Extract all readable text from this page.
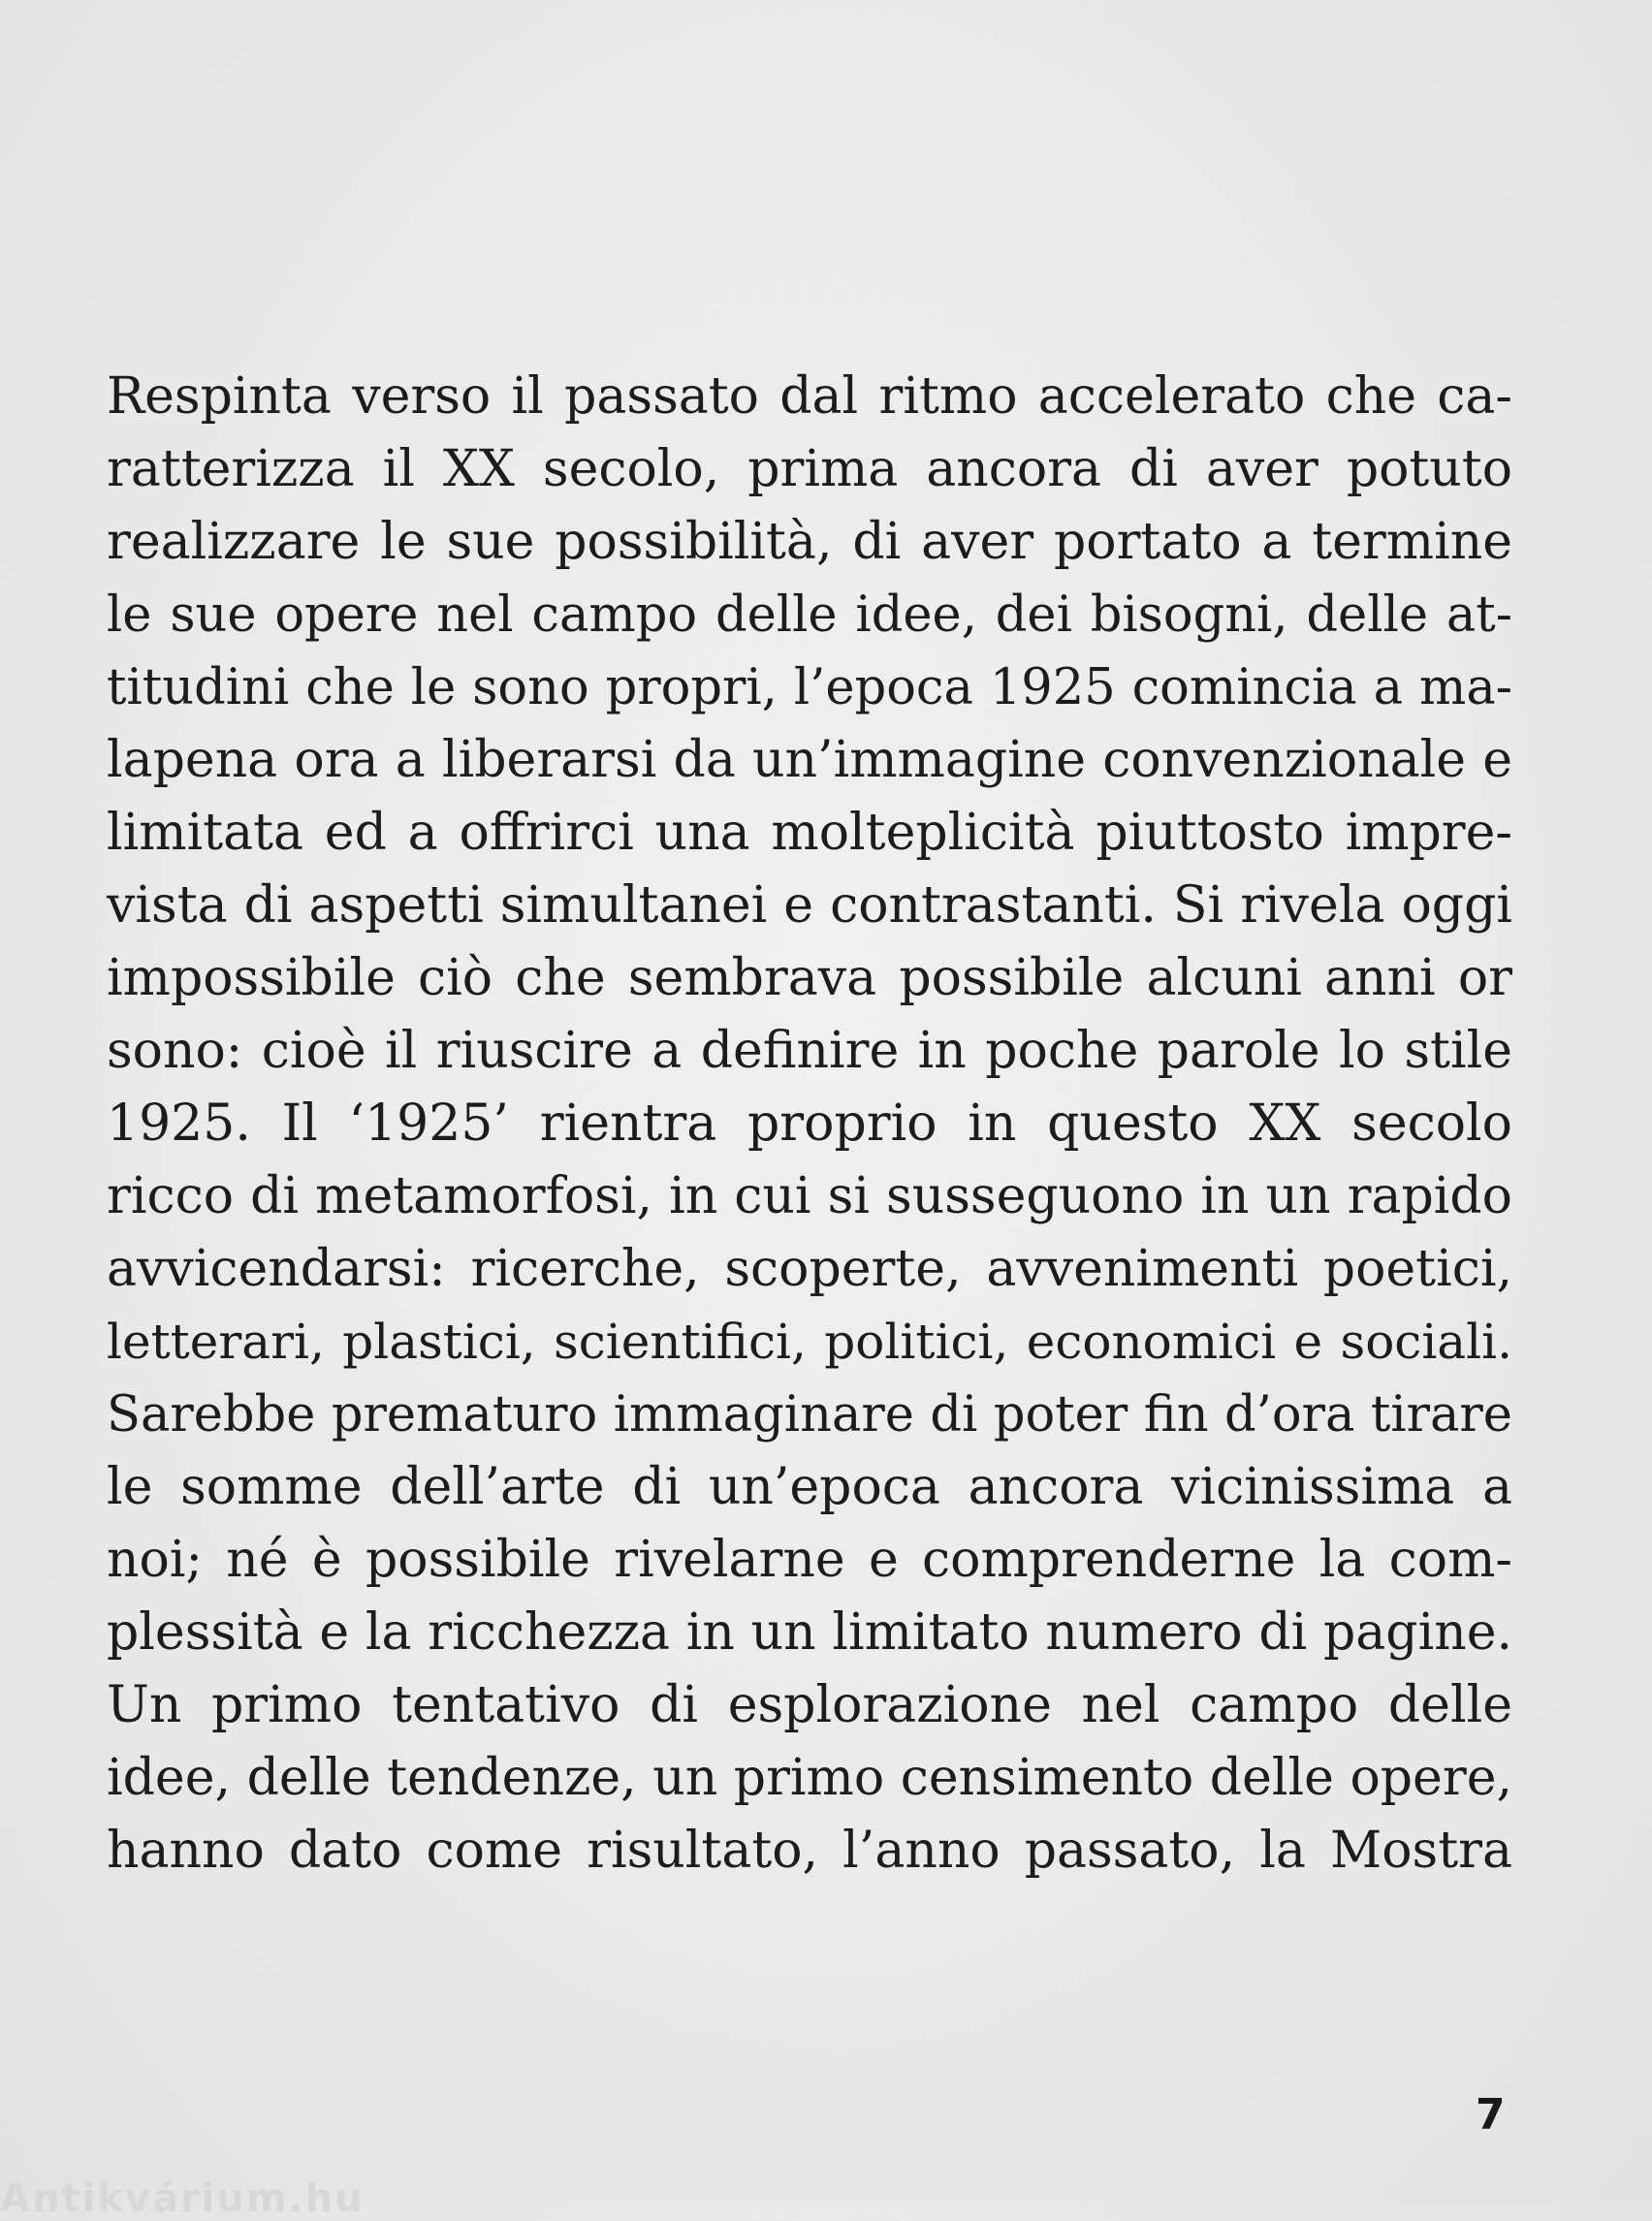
Respinta verso il passato dal ritmo accelerato che ca-
ratterizza il XX secolo, prima ancora di aver potuto
realizzare le sue possibilità, di aver portato a termine
le sue opere nel campo delle idee, dei bisogni, delle at-
titudini che le sono propri, l’epoca 1925 comincia a ma-
lapena ora a liberarsi da un’immagine convenzionale e
limitata ed a offrirci una molteplicità piuttosto impre-
vista di aspetti simultanei e contrastanti. Si rivela oggi
impossibile ciò che sembrava possibile alcuni anni or
sono: cioè il riuscire a definire in poche parole lo stile
1925. Il ‘1925’ rientra proprio in questo XX secolo
ricco di metamorfosi, in cui si susseguono in un rapido
avvicendarsi: ricerche, scoperte, avvenimenti poetici,
letterari, plastici, scientifici, politici, economici e sociali.
Sarebbe prematuro immaginare di poter fin d’ora tirare
le somme dell’arte di un’epoca ancora vicinissima a
noi; né è possibile rivelarne e comprenderne la com-
plessità e la ricchezza in un limitato numero di pagine.
Un primo tentativo di esplorazione nel campo delle
idee, delle tendenze, un primo censimento delle opere,
hanno dato come risultato, l’anno passato, la Mostra

7

Antikvárium.hu
